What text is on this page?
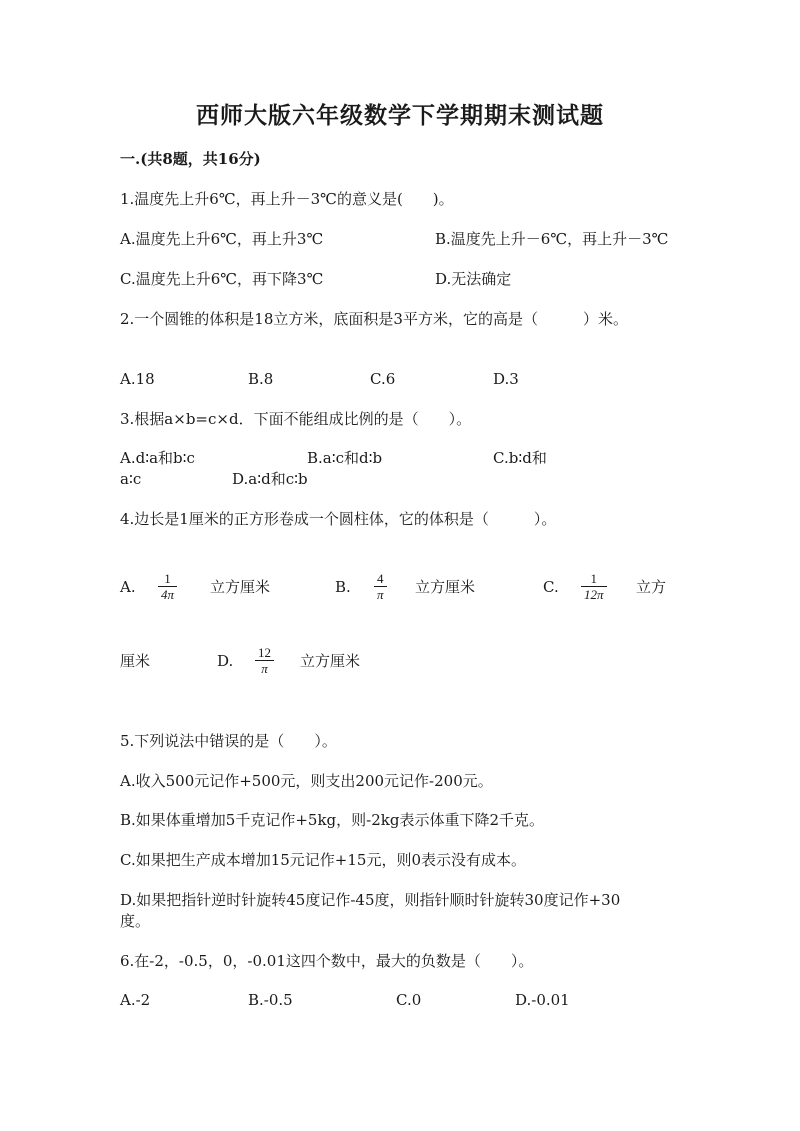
西师大版六年级数学下学期期末测试题
一.(共8题，共16分)
1.温度先上升6℃，再上升－3℃的意义是(　　)。
A.温度先上升6℃，再上升3℃	B.温度先上升－6℃，再上升－3℃
C.温度先上升6℃，再下降3℃	D.无法确定
2.一个圆锥的体积是18立方米，底面积是3平方米，它的高是（　　　）米。
A.18	B.8	C.6	D.3
3.根据a×b=c×d．下面不能组成比例的是（　　）。
A.d∶a和b∶c	B.a∶c和d∶b	C.b∶d和
a∶c	D.a∶d和c∶b
4.边长是1厘米的正方形卷成一个圆柱体，它的体积是（　　　）。
A. 1
4π 立方厘米	B. 4
π 立方厘米	C. 1
12π 立方
厘米	D. 12
π 立方厘米
5.下列说法中错误的是（　　）。
A.收入500元记作+500元，则支出200元记作-200元。
B.如果体重增加5千克记作+5kg，则-2kg表示体重下降2千克。
C.如果把生产成本增加15元记作+15元，则0表示没有成本。
D.如果把指针逆时针旋转45度记作-45度，则指针顺时针旋转30度记作+30
度。
6.在-2，-0.5，0，-0.01这四个数中，最大的负数是（　　）。
A.-2	B.-0.5	C.0	D.-0.01
